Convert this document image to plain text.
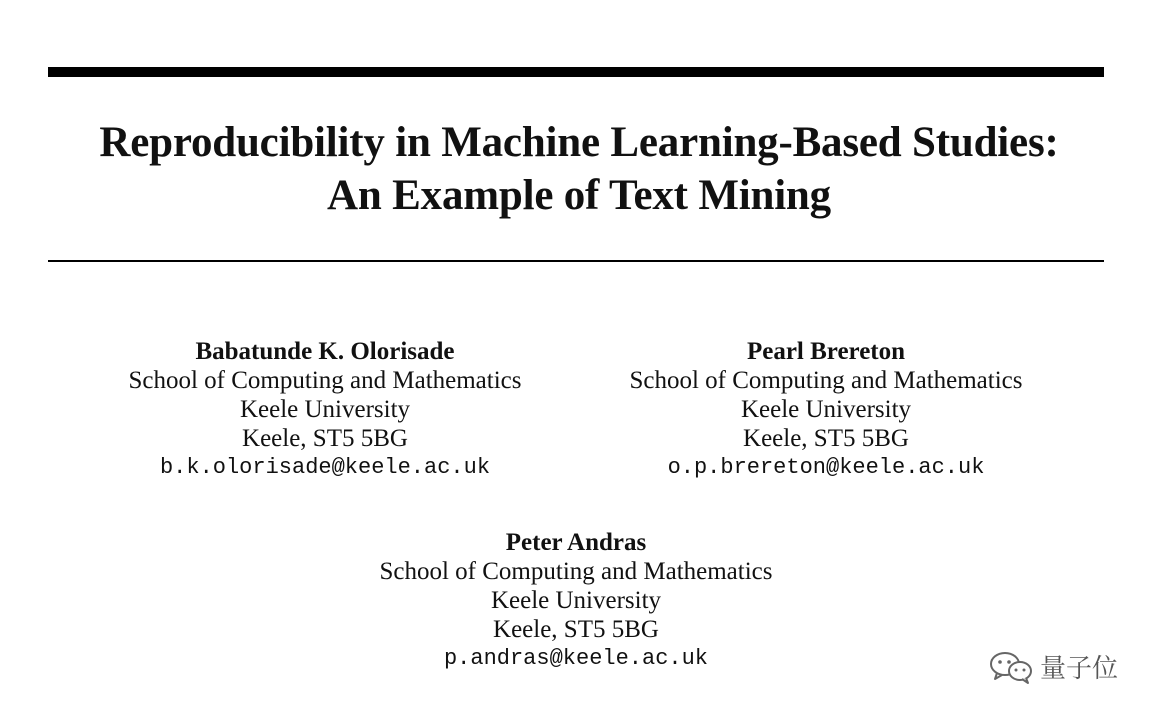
Reproducibility in Machine Learning-Based Studies:
An Example of Text Mining
Babatunde K. Olorisade
School of Computing and Mathematics
Keele University
Keele, ST5 5BG
b.k.olorisade@keele.ac.uk
Pearl Brereton
School of Computing and Mathematics
Keele University
Keele, ST5 5BG
o.p.brereton@keele.ac.uk
Peter Andras
School of Computing and Mathematics
Keele University
Keele, ST5 5BG
p.andras@keele.ac.uk	量子位
